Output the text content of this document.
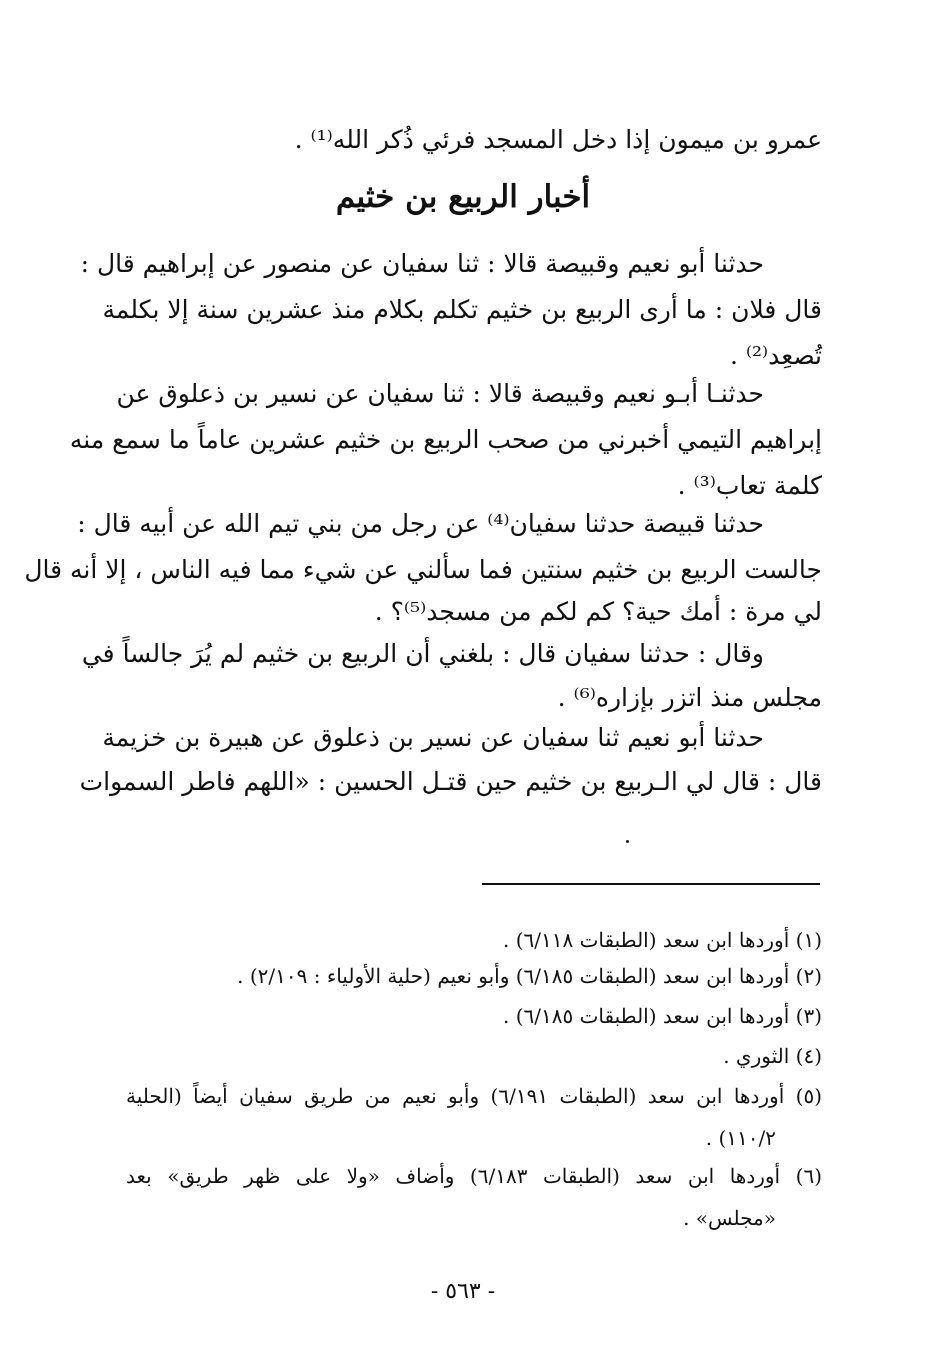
عمرو بن ميمون إذا دخل المسجد فرئي ذُكر الله⁽¹⁾ .
أخبار الربيع بن خثيم
حدثنا أبو نعيم وقبيصة قالا : ثنا سفيان عن منصور عن إبراهيم قال :
قال فلان : ما أرى الربيع بن خثيم تكلم بكلام منذ عشرين سنة إلا بكلمة
تُصعِد⁽²⁾ .
حدثنـا أبـو نعيم وقبيصة قالا : ثنا سفيان عن نسير بن ذعلوق عن
إبراهيم التيمي أخبرني من صحب الربيع بن خثيم عشرين عاماً ما سمع منه
كلمة تعاب⁽³⁾ .
حدثنا قبيصة حدثنا سفيان⁽⁴⁾ عن رجل من بني تيم الله عن أبيه قال :
جالست الربيع بن خثيم سنتين فما سألني عن شيء مما فيه الناس ، إلا أنه قال
لي مرة : أمك حية؟ كم لكم من مسجد⁽⁵⁾؟ .
وقال : حدثنا سفيان قال : بلغني أن الربيع بن خثيم لم يُرَ جالساً في
مجلس منذ اتزر بإزاره⁽⁶⁾ .
حدثنا أبو نعيم ثنا سفيان عن نسير بن ذعلوق عن هبيرة بن خزيمة
قال : قال لي الـربيع بن خثيم حين قتـل الحسين : «اللهم فاطر السموات
(١) أوردها ابن سعد (الطبقات ٦/١١٨) .
(٢) أوردها ابن سعد (الطبقات ٦/١٨٥) وأبو نعيم (حلية الأولياء : ٢/١٠٩) .
(٣) أوردها ابن سعد (الطبقات ٦/١٨٥) .
(٤) الثوري .
(٥) أوردها ابن سعد (الطبقات ٦/١٩١) وأبو نعيم من طريق سفيان أيضاً (الحلية
١١٠/٢) .
(٦) أوردها ابن سعد (الطبقات ٦/١٨٣) وأضاف «ولا على ظهر طريق» بعد
«مجلس» .
- ٥٦٣ -
